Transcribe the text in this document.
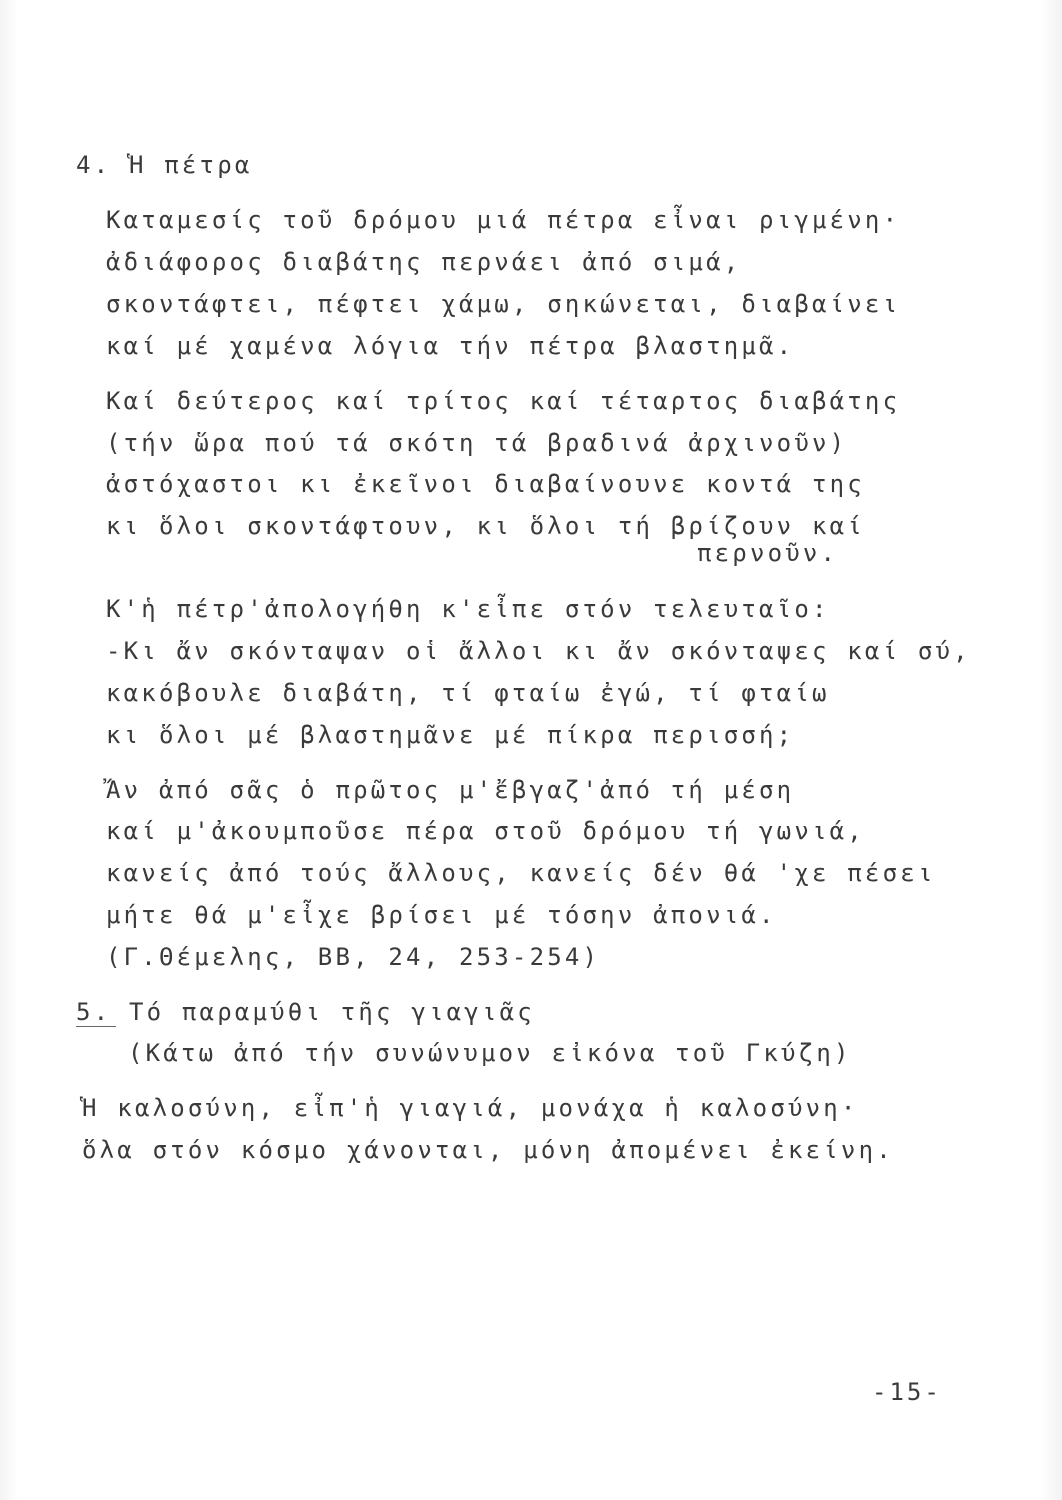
4. Ἡ πέτρα
Καταμεσίς τοῦ δρόμου μιά πέτρα εἶναι ριγμένη·
ἀδιάφορος διαβάτης περνάει ἀπό σιμά,
σκοντάφτει, πέφτει χάμω, σηκώνεται, διαβαίνει
καί μέ χαμένα λόγια τήν πέτρα βλαστημᾶ.
Καί δεύτερος καί τρίτος καί τέταρτος διαβάτης
(τήν ὥρα πού τά σκότη τά βραδινά ἀρχινοῦν)
ἀστόχαστοι κι ἐκεῖνοι διαβαίνουνε κοντά της
κι ὅλοι σκοντάφτουν, κι ὅλοι τή βρίζουν καί
περνοῦν.
Κ'ἡ πέτρ'ἀπολογήθη κ'εἶπε στόν τελευταῖο:
-Κι ἄν σκόνταψαν οἱ ἄλλοι κι ἄν σκόνταψες καί σύ,
κακόβουλε διαβάτη, τί φταίω ἐγώ, τί φταίω
κι ὅλοι μέ βλαστημᾶνε μέ πίκρα περισσή;
Ἄν ἀπό σᾶς ὁ πρῶτος μ'ἔβγαζ'ἀπό τή μέση
καί μ'ἀκουμποῦσε πέρα στοῦ δρόμου τή γωνιά,
κανείς ἀπό τούς ἄλλους, κανείς δέν θά 'χε πέσει
μήτε θά μ'εἶχε βρίσει μέ τόσην ἀπονιά.
(Γ.Θέμελης, ΒΒ, 24, 253-254)
5. Τό παραμύθι τῆς γιαγιᾶς
(Κάτω ἀπό τήν συνώνυμον εἰκόνα τοῦ Γκύζη)
Ἡ καλοσύνη, εἶπ'ἡ γιαγιά, μονάχα ἡ καλοσύνη·
ὅλα στόν κόσμο χάνονται, μόνη ἀπομένει ἐκείνη.
-15-
